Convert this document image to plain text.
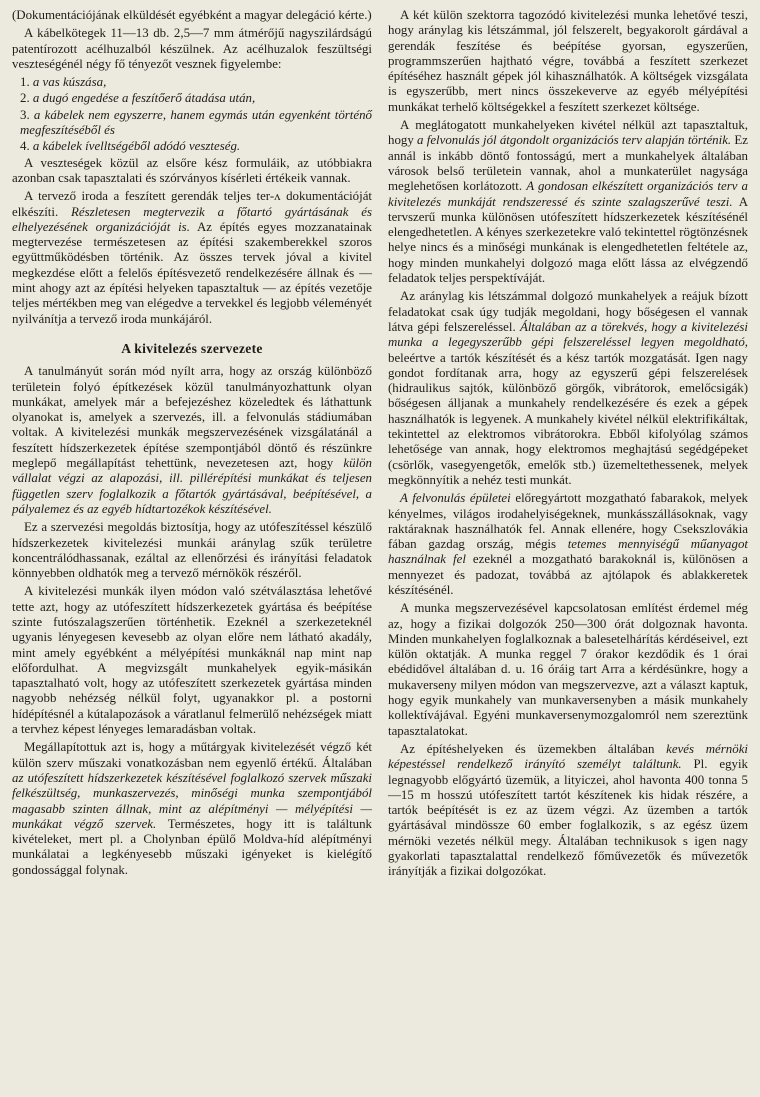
(Dokumentációjának elküldését egyébként a magyar delegáció kérte.)

A kábelkötegek 11—13 db. 2,5—7 mm átmérőjű nagyszilárdságú patentírozott acélhuzalból készülnek. Az acélhuzalok feszültségi veszteségénél négy fő tényezőt vesznek figyelembe:

1. a vas kúszása,

2. a dugó engedése a feszítőerő átadása után,

3. a kábelek nem egyszerre, hanem egymás után egyenként történő megfeszítéséből és

4. a kábelek ívelltségéből adódó veszteség.

A veszteségek közül az elsőre kész formuláik, az utóbbiakra azonban csak tapasztalati és szórványos kísérleti értékeik vannak.

A tervező iroda a feszített gerendák teljes ter-ʌ dokumentációját elkészíti. Részletesen megtervezik a főtartó gyártásának és elhelyezésének organizációját is. Az építés egyes mozzanatainak megtervezése természetesen az építési szakemberekkel szoros együttműködésben történik. Az összes tervek jóval a kivitel megkezdése előtt a felelős építésvezető rendelkezésére állnak és — mint ahogy azt az építési helyeken tapasztaltuk — az építés vezetője teljes mértékben meg van elégedve a tervekkel és legjobb véleményét nyilvánítja a tervező iroda munkájáról.

A kivitelezés szervezete

A tanulmányút során mód nyílt arra, hogy az ország különböző területein folyó építkezések közül tanulmányozhattunk olyan munkákat, amelyek már a befejezéshez közeledtek és láthattunk olyanokat is, amelyek a szervezés, ill. a felvonulás stádiumában voltak. A kivitelezési munkák megszervezésének vizsgálatánál a feszített hídszerkezetek építése szempontjából döntő és részünkre meglepő megállapítást tehettünk, nevezetesen azt, hogy külön vállalat végzi az alapozási, ill. pillérépítési munkákat és teljesen független szerv foglalkozik a főtartók gyártásával, beépítésével, a pályalemez és az egyéb hídtartozékok készítésével.

Ez a szervezési megoldás biztosítja, hogy az utófeszítéssel készülő hídszerkezetek kivitelezési munkái aránylag szűk területre koncentrálódhassanak, ezáltal az ellenőrzési és irányítási feladatok könnyebben oldhatók meg a tervező mérnökök részéről.

A kivitelezési munkák ilyen módon való szétválasztása lehetővé tette azt, hogy az utófeszített hídszerkezetek gyártása és beépítése szinte futószalagszerűen történhetik. Ezeknél a szerkezeteknél ugyanis lényegesen kevesebb az olyan előre nem látható akadály, mint amely egyébként a mélyépítési munkáknál nap mint nap előfordulhat. A megvizsgált munkahelyek egyik-másikán tapasztalható volt, hogy az utófeszített szerkezetek gyártása minden nagyobb nehézség nélkül folyt, ugyanakkor pl. a postorni hídépítésnél a kútalapozások a váratlanul felmerülő nehézségek miatt a tervhez képest lényeges lemaradásban voltak.

Megállapítottuk azt is, hogy a műtárgyak kivitelezését végző két külön szerv műszaki vonatkozásban nem egyenlő értékű. Általában az utófeszített hídszerkezetek készítésével foglalkozó szervek műszaki felkészültség, munkaszervezés, minőségi munka szempontjából magasabb szinten állnak, mint az alépítményi — mélyépítési — munkákat végző szervek. Természetes, hogy itt is találtunk kivételeket, mert pl. a Cholynban épülő Moldva-híd alépítményi munkálatai a legkényesebb műszaki igényeket is kielégítő gondossággal folynak.

A két külön szektorra tagozódó kivitelezési munka lehetővé teszi, hogy aránylag kis létszámmal, jól felszerelt, begyakorolt gárdával a gerendák feszítése és beépítése gyorsan, egyszerűen, programmszerűen hajtható végre, továbbá a feszített szerkezet építéséhez használt gépek jól kihasználhatók. A költségek vizsgálata is egyszerűbb, mert nincs összekeverve az egyéb mélyépítési munkákat terhelő költségekkel a feszített szerkezet költsége.

A meglátogatott munkahelyeken kivétel nélkül azt tapasztaltuk, hogy a felvonulás jól átgondolt organizációs terv alapján történik. Ez annál is inkább döntő fontosságú, mert a munkahelyek általában városok belső területein vannak, ahol a munkaterület nagysága meglehetősen korlátozott. A gondosan elkészített organizációs terv a kivitelezés munkáját rendszeressé és szinte szalagszerűvé teszi. A tervszerű munka különösen utófeszített hídszerkezetek készítésénél elengedhetetlen. A kényes szerkezetekre való tekintettel rögtönzésnek helye nincs és a minőségi munkának is elengedhetetlen feltétele az, hogy minden munkahelyi dolgozó maga előtt lássa az elvégzendő feladatok teljes perspektíváját.

Az aránylag kis létszámmal dolgozó munkahelyek a reájuk bízott feladatokat csak úgy tudják megoldani, hogy bőségesen el vannak látva gépi felszereléssel. Általában az a törekvés, hogy a kivitelezési munka a legegyszerűbb gépi felszereléssel legyen megoldható, beleértve a tartók készítését és a kész tartók mozgatását. Igen nagy gondot fordítanak arra, hogy az egyszerű gépi felszerelések (hidraulikus sajtók, különböző görgők, vibrátorok, emelőcsigák) bőségesen álljanak a munkahely rendelkezésére és ezek a gépek használhatók is legyenek. A munkahely kivétel nélkül elektrifikáltak, tekintettel az elektromos vibrátorokra. Ebből kifolyólag számos lehetősége van annak, hogy elektromos meghajtású segédgépeket (csörlők, vasegyengetők, emelők stb.) üzemeltethessenek, melyek megkönnyítik a nehéz testi munkát.

A felvonulás épületei előregyártott mozgatható fabarakok, melyek kényelmes, világos irodahelyiségeknek, munkásszállásoknak, vagy raktáraknak használhatók fel. Annak ellenére, hogy Csekszlovákia fában gazdag ország, mégis tetemes mennyiségű műanyagot használnak fel ezeknél a mozgatható barakoknál is, különösen a mennyezet és padozat, továbbá az ajtólapok és ablakkeretek készítésénél.

A munka megszervezésével kapcsolatosan említést érdemel még az, hogy a fizikai dolgozók 250—300 órát dolgoznak havonta. Minden munkahelyen foglalkoznak a balesetelhárítás kérdéseivel, ezt külön oktatják. A munka reggel 7 órakor kezdődik és 1 órai ebédidővel általában d. u. 16 óráig tart Arra a kérdésünkre, hogy a mukaverseny milyen módon van megszervezve, azt a választ kaptuk, hogy egyik munkahely van munkaversenyben a másik munkahely kollektívájával. Egyéni munkaversenymozgalomról nem szereztünk tapasztalatokat.

Az építéshelyeken és üzemekben általában kevés mérnöki képestéssel rendelkező irányító személyt találtunk. Pl. egyik legnagyobb előgyártó üzemük, a lityiczei, ahol havonta 400 tonna 5—15 m hosszú utófeszített tartót készítenek kis hidak részére, a tartók beépítését is ez az üzem végzi. Az üzemben a tartók gyártásával mindössze 60 ember foglalkozik, s az egész üzem mérnöki vezetés nélkül megy. Általában technikusok s igen nagy gyakorlati tapasztalattal rendelkező főművezetők és művezetők irányítják a fizikai dolgozókat.
